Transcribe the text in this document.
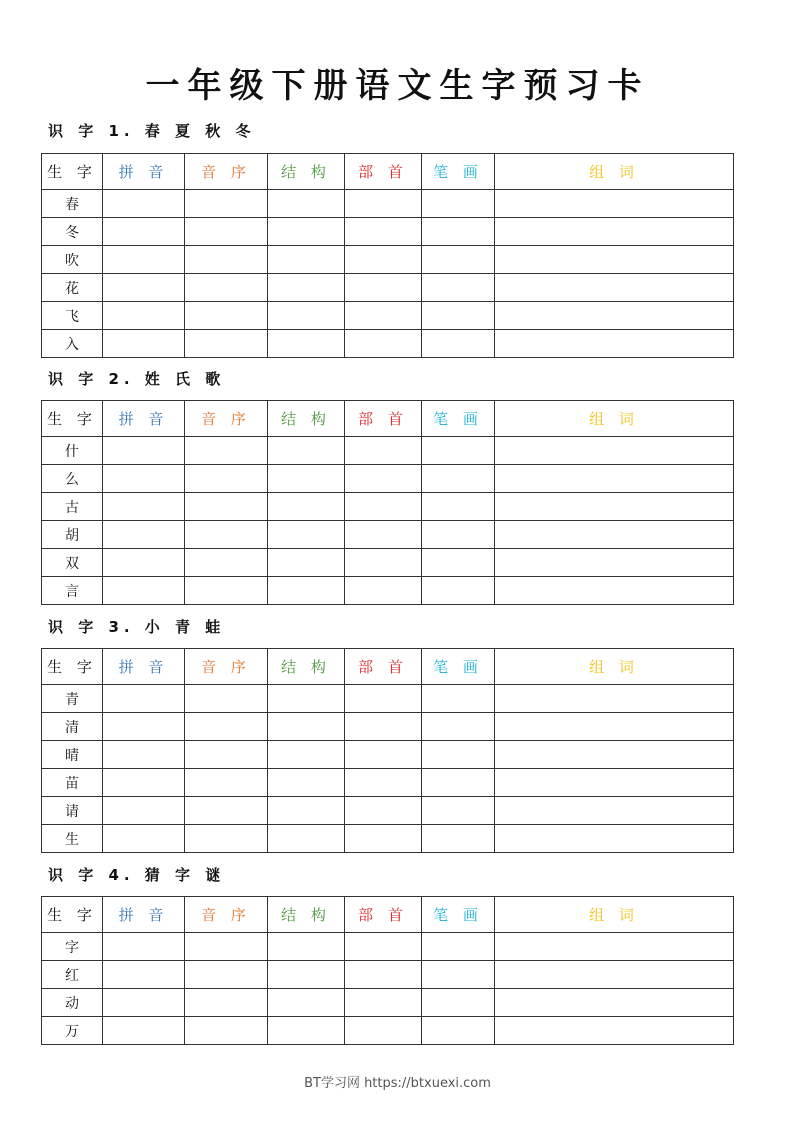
一年级下册语文生字预习卡
识 字 1. 春 夏 秋 冬
生 字	拼 音	音 序	结 构	部 首	笔 画	组 词
春						
冬						
吹						
花						
飞						
入						
识 字 2. 姓 氏 歌
生 字	拼 音	音 序	结 构	部 首	笔 画	组 词
什						
么						
古						
胡						
双						
言						
识 字 3. 小 青 蛙
生 字	拼 音	音 序	结 构	部 首	笔 画	组 词
青						
清						
晴						
苗						
请						
生						
识 字 4. 猜 字 谜
生 字	拼 音	音 序	结 构	部 首	笔 画	组 词
字						
红						
动						
万						
BT学习网 https://btxuexi.com
